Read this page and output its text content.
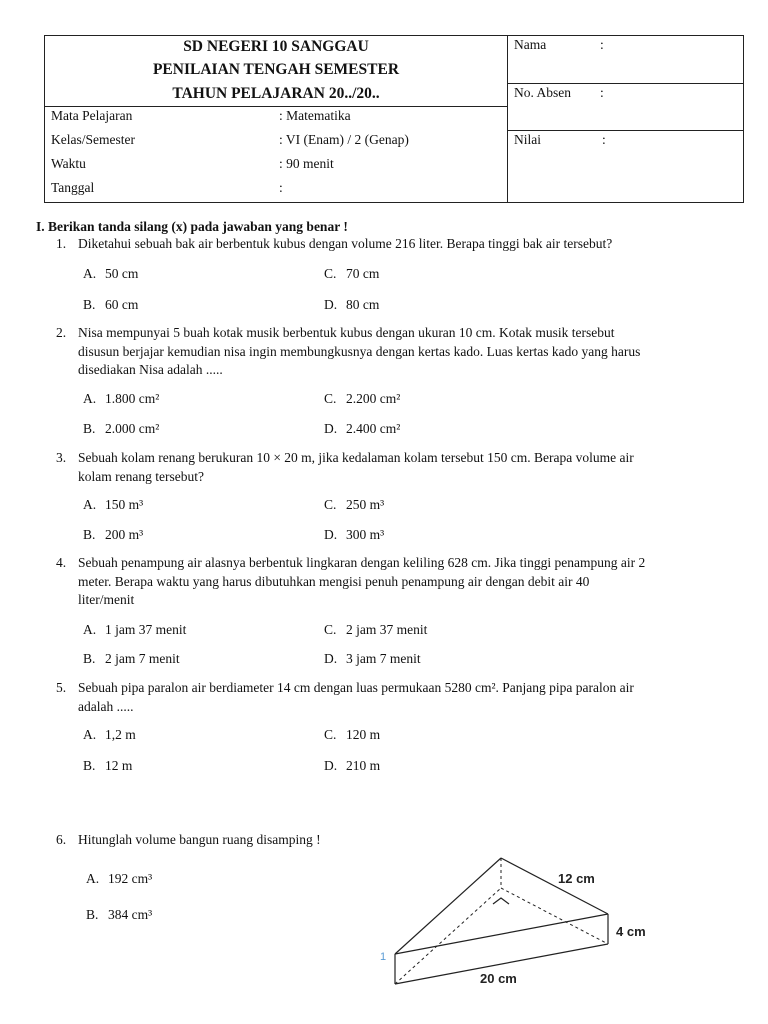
SD NEGERI 10 SANGGAU
PENILAIAN TENGAH SEMESTER
TAHUN PELAJARAN 20../20..
Mata Pelajaran	: Matematika
Kelas/Semester	: VI (Enam) / 2 (Genap)
Waktu	: 90 menit
Tanggal	:
Nama	:
No. Absen :
Nilai	:
I. Berikan tanda silang (x) pada jawaban yang benar !
1. Diketahui sebuah bak air berbentuk kubus dengan volume 216 liter. Berapa tinggi bak air tersebut?
A. 50 cm	C. 70 cm
B. 60 cm	D. 80 cm
2. Nisa mempunyai 5 buah kotak musik berbentuk kubus dengan ukuran 10 cm. Kotak musik tersebut
disusun berjajar kemudian nisa ingin membungkusnya dengan kertas kado. Luas kertas kado yang harus
disediakan Nisa adalah .....
A. 1.800 cm²	C. 2.200 cm²
B. 2.000 cm²	D. 2.400 cm²
3. Sebuah kolam renang berukuran 10 × 20 m, jika kedalaman kolam tersebut 150 cm. Berapa volume air
kolam renang tersebut?
A. 150 m³	C. 250 m³
B. 200 m³	D. 300 m³
4. Sebuah penampung air alasnya berbentuk lingkaran dengan keliling 628 cm. Jika tinggi penampung air 2
meter. Berapa waktu yang harus dibutuhkan mengisi penuh penampung air dengan debit air 40
liter/menit
A. 1 jam 37 menit	C. 2 jam 37 menit
B. 2 jam 7 menit	D. 3 jam 7 menit
5. Sebuah pipa paralon air berdiameter 14 cm dengan luas permukaan 5280 cm². Panjang pipa paralon air
adalah .....
A. 1,2 m	C. 120 m
B. 12 m	D. 210 m
6. Hitunglah volume bangun ruang disamping !
A. 192 cm³
B. 384 cm³
12 cm
4 cm
20 cm
1
